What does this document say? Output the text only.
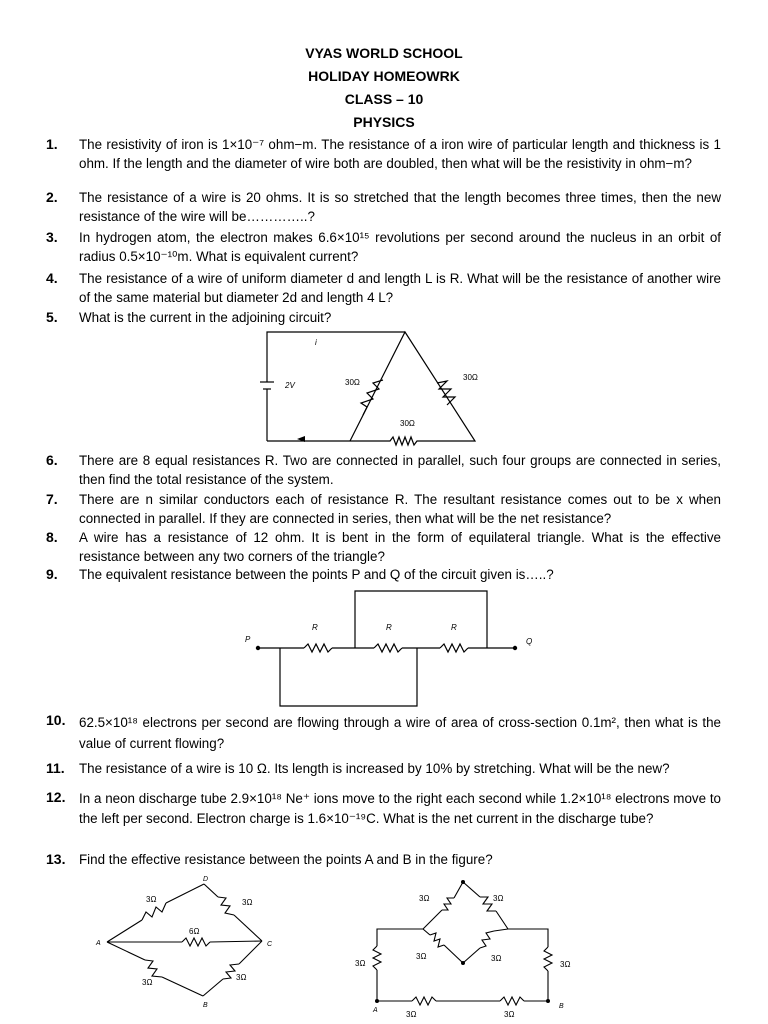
VYAS WORLD SCHOOL
HOLIDAY HOMEOWRK
CLASS – 10
PHYSICS
1. The resistivity of iron is 1×10⁻⁷ ohm−m. The resistance of a iron wire of particular length and thickness is 1 ohm. If the length and the diameter of wire both are doubled, then what will be the resistivity in ohm−m?
2. The resistance of a wire is 20 ohms. It is so stretched that the length becomes three times, then the new resistance of the wire will be…………..?
3. In hydrogen atom, the electron makes 6.6×10¹⁵ revolutions per second around the nucleus in an orbit of radius 0.5×10⁻¹⁰m. What is equivalent current?
4. The resistance of a wire of uniform diameter d and length L is R. What will be the resistance of another wire of the same material but diameter 2d and length 4 L?
5. What is the current in the adjoining circuit?
i
2V	30Ω
30Ω
30Ω
6. There are 8 equal resistances R. Two are connected in parallel, such four groups are connected in series, then find the total resistance of the system.
7. There are n similar conductors each of resistance R. The resultant resistance comes out to be x when connected in parallel. If they are connected in series, then what will be the net resistance?
8. A wire has a resistance of 12 ohm. It is bent in the form of equilateral triangle. What is the effective resistance between any two corners of the triangle?
9. The equivalent resistance between the points P and Q of the circuit given is…..?
P	Q
R	R	R
10. 62.5×10¹⁸ electrons per second are flowing through a wire of area of cross-section 0.1m², then what is the value of current flowing?
11. The resistance of a wire is 10 Ω. Its length is increased by 10% by stretching. What will be the new?
12. In a neon discharge tube 2.9×10¹⁸ Ne⁺ ions move to the right each second while 1.2×10¹⁸ electrons move to the left per second. Electron charge is 1.6×10⁻¹⁹C. What is the net current in the discharge tube?
13. Find the effective resistance between the points A and B in the figure?
A
D
C
B
3Ω	3Ω
6Ω
3Ω
3Ω
A
B
3Ω	3Ω
3Ω	3Ω
3Ω	3Ω
3Ω	3Ω
